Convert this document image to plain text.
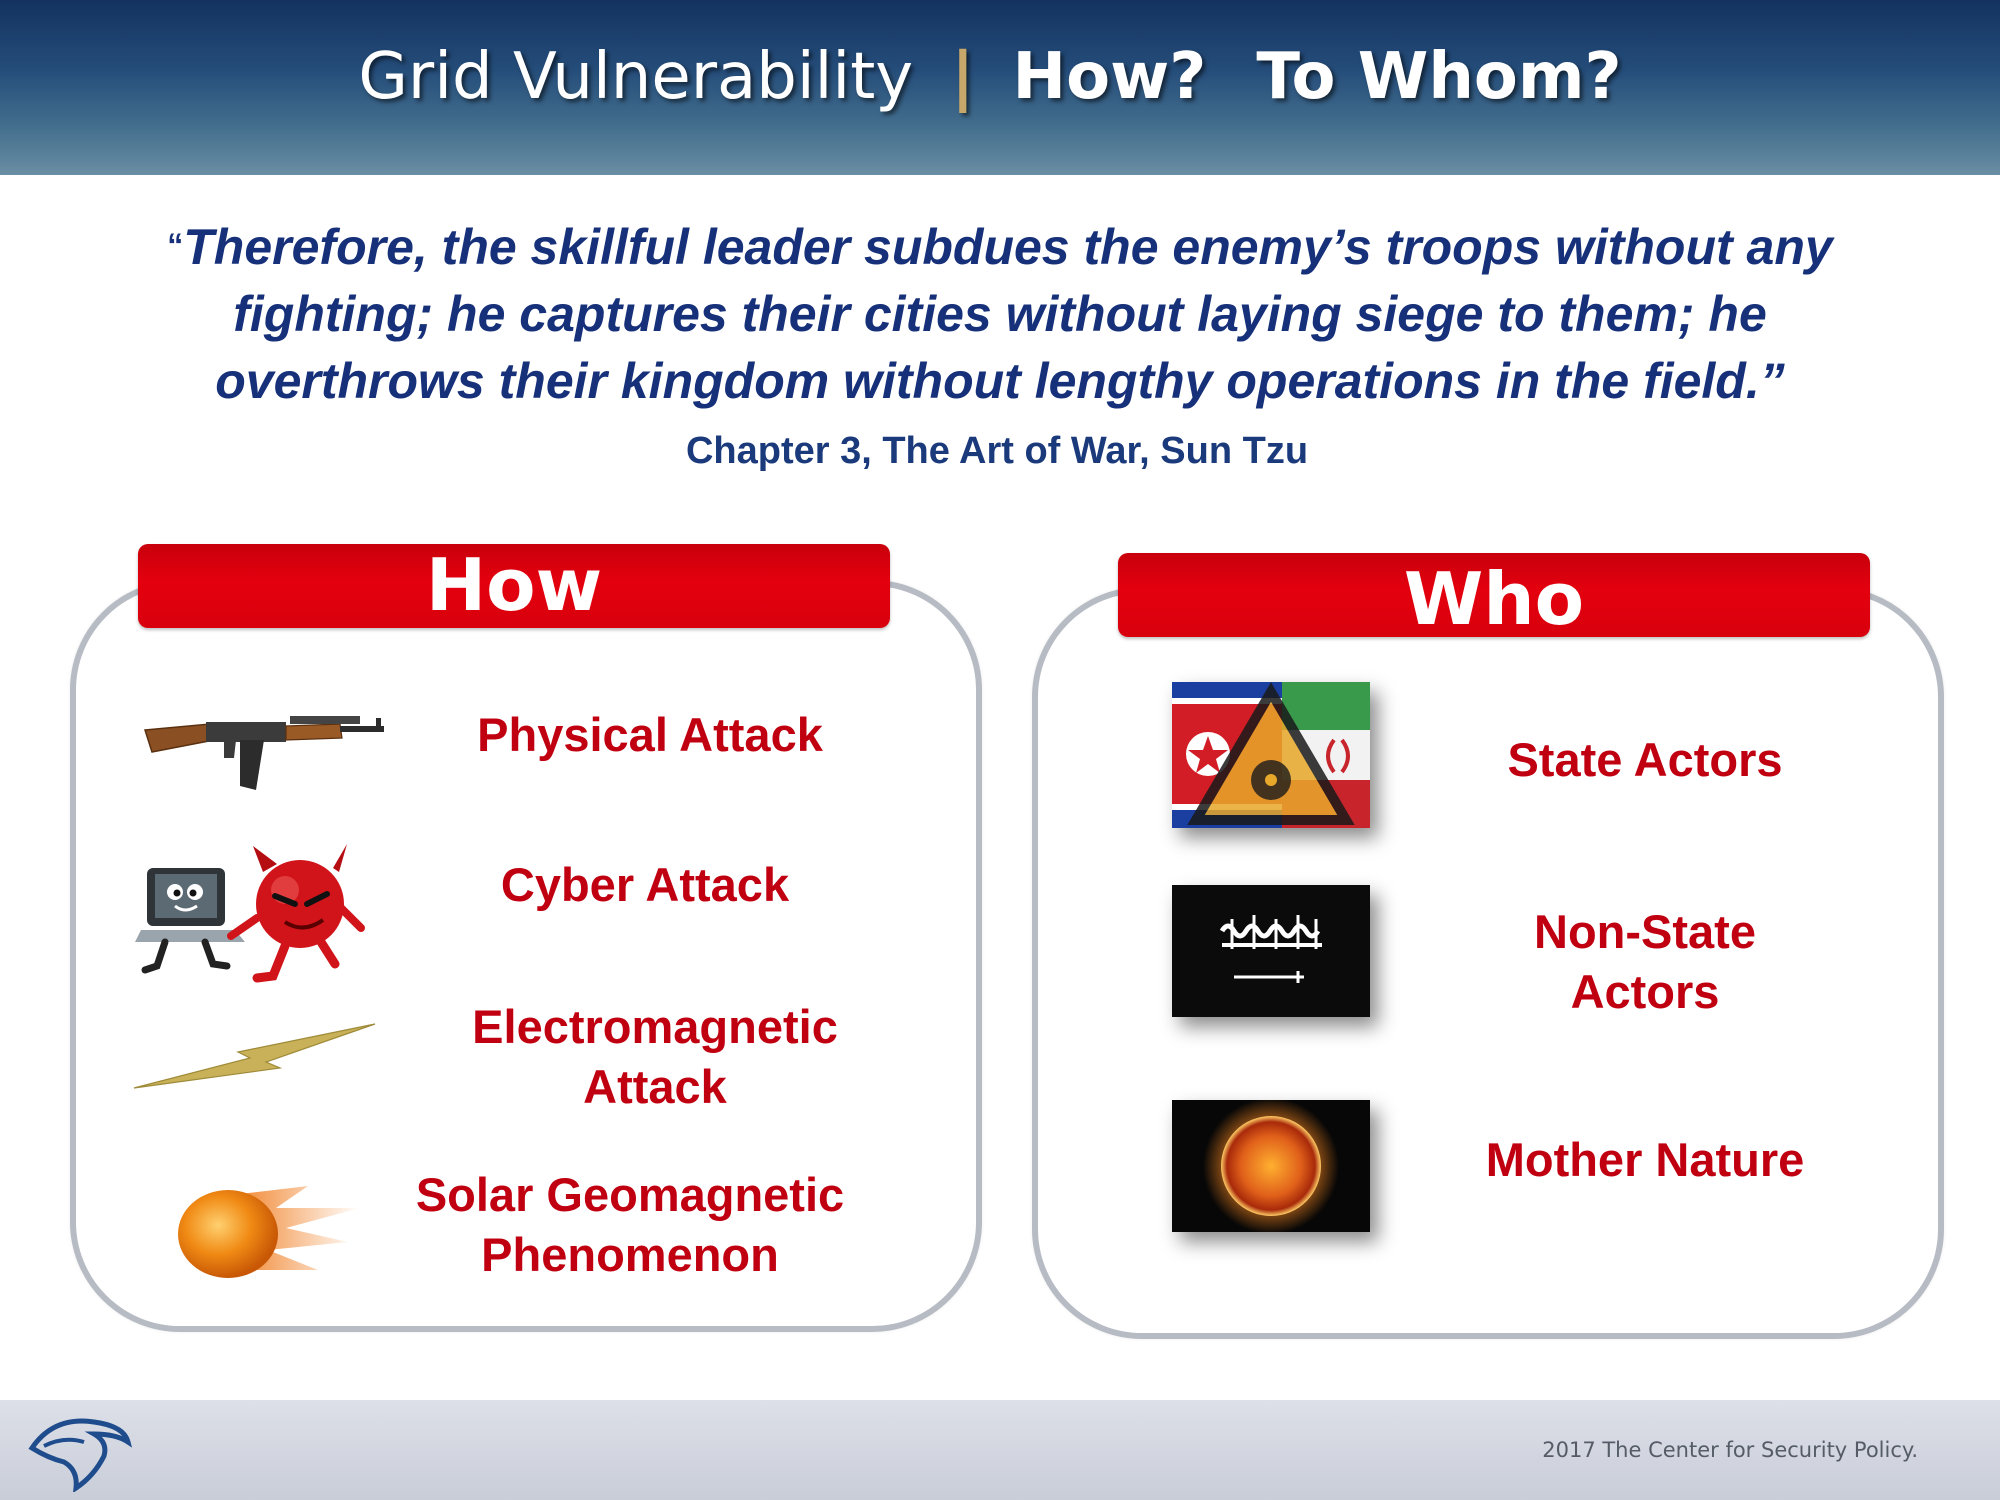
Grid Vulnerability | How? To Whom?
“Therefore, the skillful leader subdues the enemy’s troops without any
fighting; he captures their cities without laying siege to them; he
overthrows their kingdom without lengthy operations in the field.”
Chapter 3, The Art of War, Sun Tzu
How
Physical Attack
Cyber Attack
Electromagnetic
Attack
Solar Geomagnetic
Phenomenon
Who
State Actors
Non-State
Actors
Mother Nature
2017 The Center for Security Policy.
